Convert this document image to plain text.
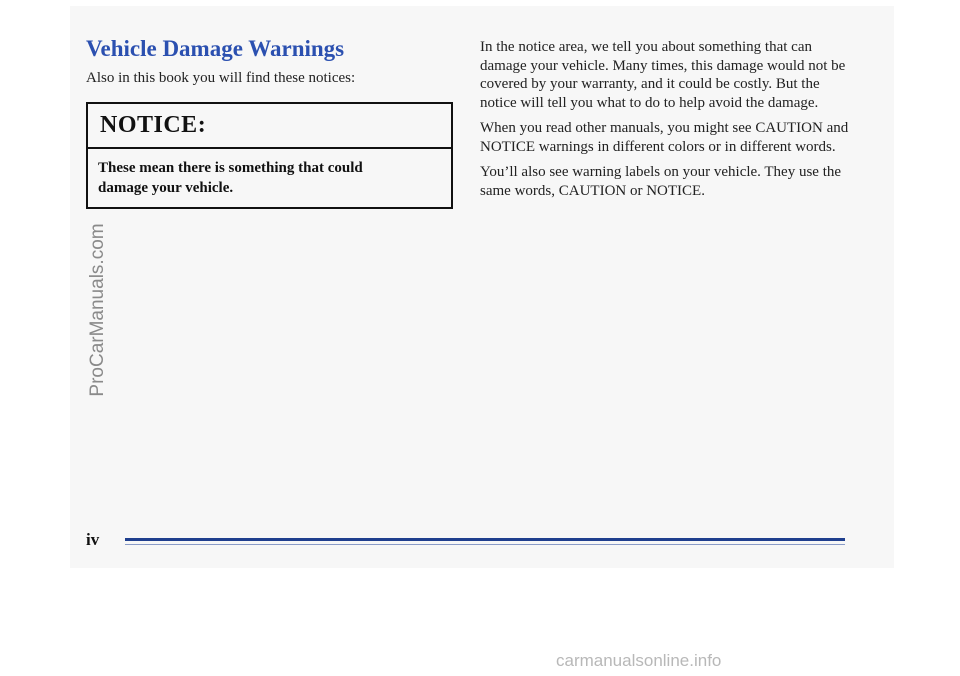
ProCarManuals.com
Vehicle Damage Warnings

Also in this book you will find these notices:

NOTICE:
These mean there is something that could
damage your vehicle.

In the notice area, we tell you about something that can damage your vehicle. Many times, this damage would not be covered by your warranty, and it could be costly. But the notice will tell you what to do to help avoid the damage.

When you read other manuals, you might see CAUTION and NOTICE warnings in different colors or in different words.

You’ll also see warning labels on your vehicle. They use the same words, CAUTION or NOTICE.

iv
carmanualsonline.info
